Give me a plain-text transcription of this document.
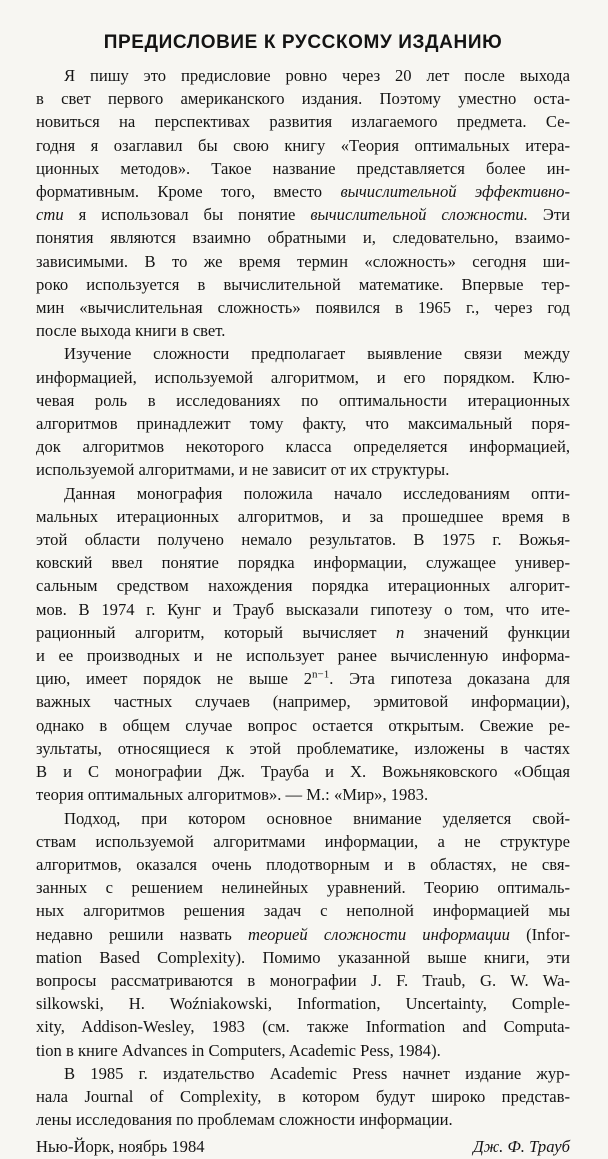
ПРЕДИСЛОВИЕ К РУССКОМУ ИЗДАНИЮ
Я пишу это предисловие ровно через 20 лет после выхода
в свет первого американского издания. Поэтому уместно оста-
новиться на перспективах развития излагаемого предмета. Се-
годня я озаглавил бы свою книгу «Теория оптимальных итера-
ционных методов». Такое название представляется более ин-
формативным. Кроме того, вместо вычислительной эффективно-
сти я использовал бы понятие вычислительной сложности. Эти
понятия являются взаимно обратными и, следовательно, взаимо-
зависимыми. В то же время термин «сложность» сегодня ши-
роко используется в вычислительной математике. Впервые тер-
мин «вычислительная сложность» появился в 1965 г., через год
после выхода книги в свет.
Изучение сложности предполагает выявление связи между
информацией, используемой алгоритмом, и его порядком. Клю-
чевая роль в исследованиях по оптимальности итерационных
алгоритмов принадлежит тому факту, что максимальный поря-
док алгоритмов некоторого класса определяется информацией,
используемой алгоритмами, и не зависит от их структуры.
Данная монография положила начало исследованиям опти-
мальных итерационных алгоритмов, и за прошедшее время в
этой области получено немало результатов. В 1975 г. Вожья-
ковский ввел понятие порядка информации, служащее универ-
сальным средством нахождения порядка итерационных алгорит-
мов. В 1974 г. Кунг и Трауб высказали гипотезу о том, что ите-
рационный алгоритм, который вычисляет n значений функции
и ее производных и не использует ранее вычисленную информа-
цию, имеет порядок не выше $2^{n-1}$. Эта гипотеза доказана для
важных частных случаев (например, эрмитовой информации),
однако в общем случае вопрос остается открытым. Свежие ре-
зультаты, относящиеся к этой проблематике, изложены в частях
B и C монографии Дж. Трауба и Х. Вожьняковского «Общая
теория оптимальных алгоритмов». — М.: «Мир», 1983.
Подход, при котором основное внимание уделяется свой-
ствам используемой алгоритмами информации, а не структуре
алгоритмов, оказался очень плодотворным и в областях, не свя-
занных с решением нелинейных уравнений. Теорию оптималь-
ных алгоритмов решения задач с неполной информацией мы
недавно решили назвать теорией сложности информации (Infor-
mation Based Complexity). Помимо указанной выше книги, эти
вопросы рассматриваются в монографии J. F. Traub, G. W. Wa-
silkowski, H. Woźniakowski, Information, Uncertainty, Comple-
xity, Addison-Wesley, 1983 (см. также Information and Computa-
tion в книге Advances in Computers, Academic Pess, 1984).
В 1985 г. издательство Academic Press начнет издание жур-
нала Journal of Complexity, в котором будут широко представ-
лены исследования по проблемам сложности информации.
Нью-Йорк, ноябрь 1984	Дж. Ф. Трауб
